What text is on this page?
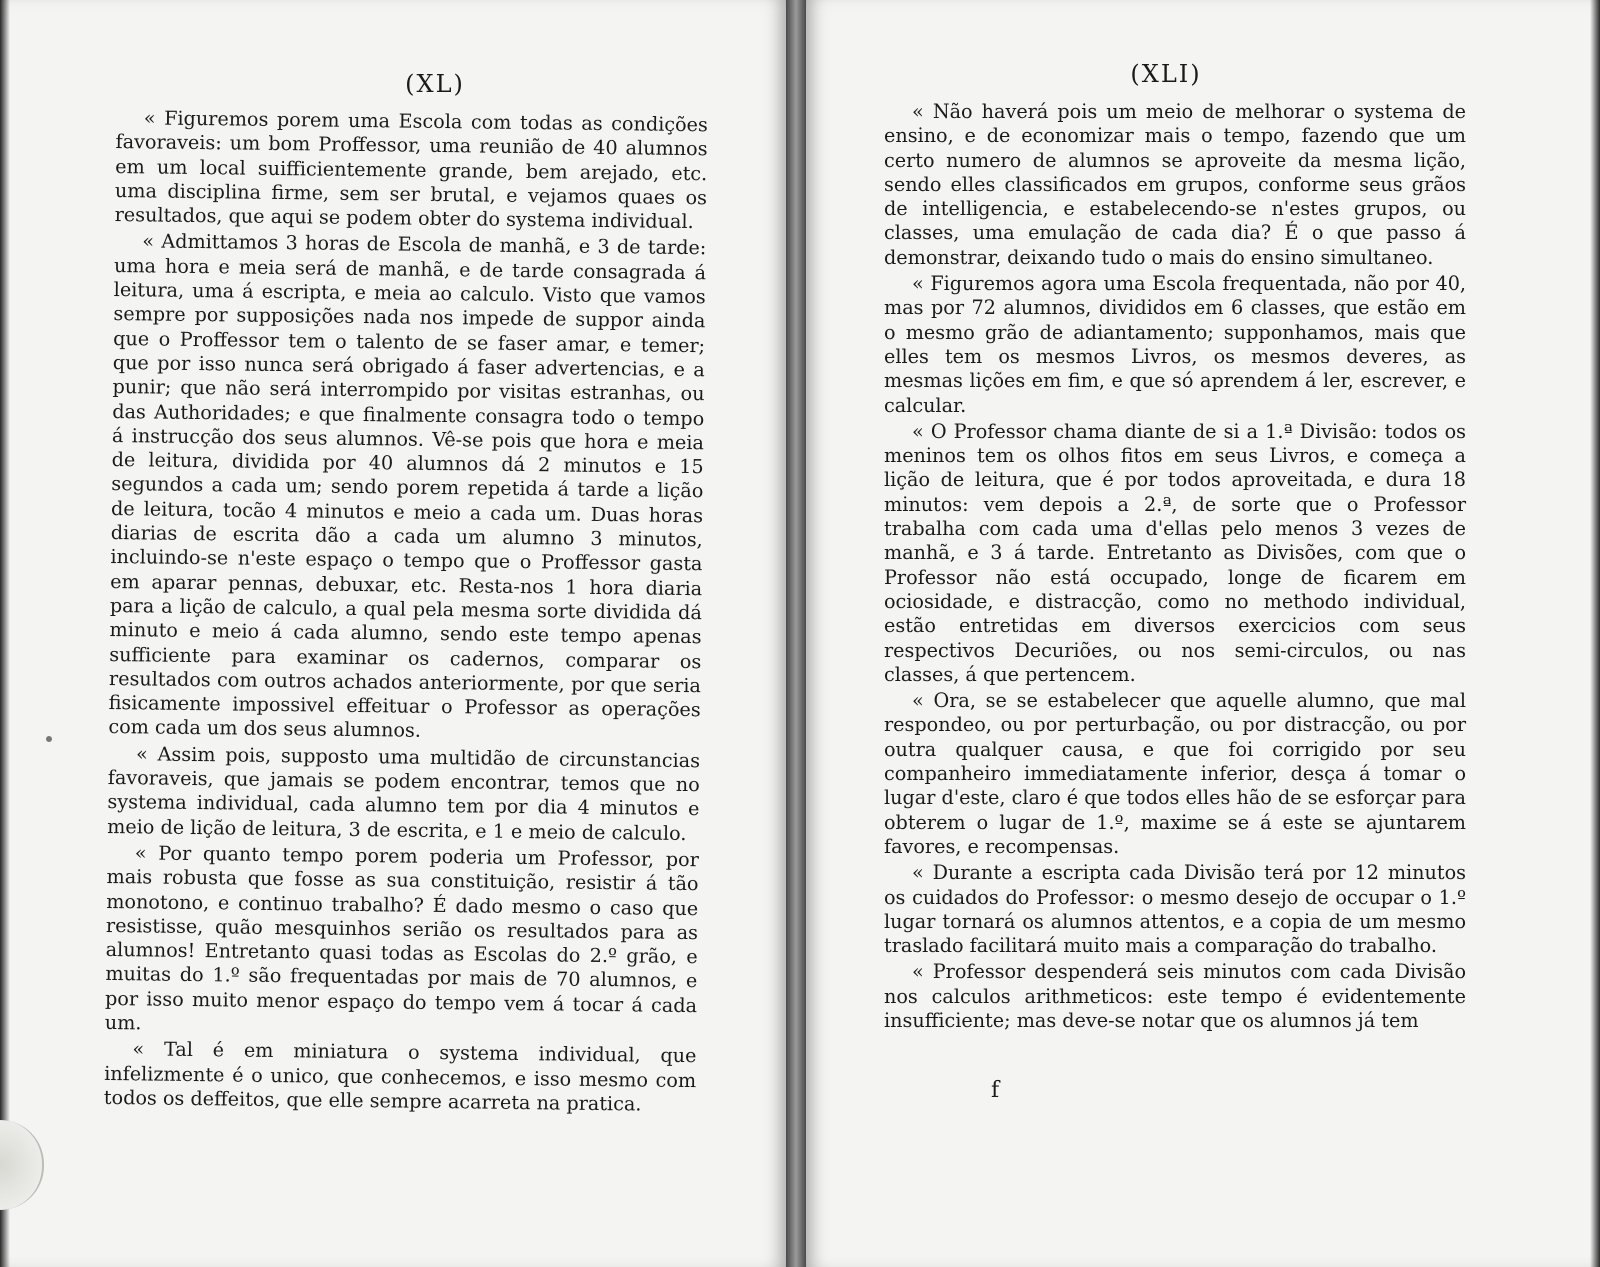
(XL)

« Figuremos porem uma Escola com todas as condições favoraveis: um bom Proffessor, uma reunião de 40 alumnos em um local suifficientemente grande, bem arejado, etc. uma disciplina firme, sem ser brutal, e vejamos quaes os resultados, que aqui se podem obter do systema individual.

« Admittamos 3 horas de Escola de manhã, e 3 de tarde: uma hora e meia será de manhã, e de tarde consagrada á leitura, uma á escripta, e meia ao calculo. Visto que vamos sempre por supposições nada nos impede de suppor ainda que o Proffessor tem o talento de se faser amar, e temer; que por isso nunca será obrigado á faser advertencias, e a punir; que não será interrompido por visitas estranhas, ou das Authoridades; e que finalmente consagra todo o tempo á instrucção dos seus alumnos. Vê-se pois que hora e meia de leitura, dividida por 40 alumnos dá 2 minutos e 15 segundos a cada um; sendo porem repetida á tarde a lição de leitura, tocão 4 minutos e meio a cada um. Duas horas diarias de escrita dão a cada um alumno 3 minutos, incluindo-se n'este espaço o tempo que o Proffessor gasta em aparar pennas, debuxar, etc. Resta-nos 1 hora diaria para a lição de calculo, a qual pela mesma sorte dividida dá minuto e meio á cada alumno, sendo este tempo apenas sufficiente para examinar os cadernos, comparar os resultados com outros achados anteriormente, por que seria fisicamente impossivel effeituar o Professor as operações com cada um dos seus alumnos.

« Assim pois, supposto uma multidão de circunstancias favoraveis, que jamais se podem encontrar, temos que no systema individual, cada alumno tem por dia 4 minutos e meio de lição de leitura, 3 de escrita, e 1 e meio de calculo.

« Por quanto tempo porem poderia um Professor, por mais robusta que fosse as sua constituição, resistir á tão monotono, e continuo trabalho? É dado mesmo o caso que resistisse, quão mesquinhos serião os resultados para as alumnos! Entretanto quasi todas as Escolas do 2.º grão, e muitas do 1.º são frequentadas por mais de 70 alumnos, e por isso muito menor espaço do tempo vem á tocar á cada um.

« Tal é em miniatura o systema individual, que infelizmente é o unico, que conhecemos, e isso mesmo com todos os deffeitos, que elle sempre acarreta na pratica.

(XLI)

« Não haverá pois um meio de melhorar o systema de ensino, e de economizar mais o tempo, fazendo que um certo numero de alumnos se aproveite da mesma lição, sendo elles classificados em grupos, conforme seus grãos de intelligencia, e estabelecendo-se n'estes grupos, ou classes, uma emulação de cada dia? É o que passo á demonstrar, deixando tudo o mais do ensino simultaneo.

« Figuremos agora uma Escola frequentada, não por 40, mas por 72 alumnos, divididos em 6 classes, que estão em o mesmo grão de adiantamento; supponhamos, mais que elles tem os mesmos Livros, os mesmos deveres, as mesmas lições em fim, e que só aprendem á ler, escrever, e calcular.

« O Professor chama diante de si a 1.ª Divisão: todos os meninos tem os olhos fitos em seus Livros, e começa a lição de leitura, que é por todos aproveitada, e dura 18 minutos: vem depois a 2.ª, de sorte que o Professor trabalha com cada uma d'ellas pelo menos 3 vezes de manhã, e 3 á tarde. Entretanto as Divisões, com que o Professor não está occupado, longe de ficarem em ociosidade, e distracção, como no methodo individual, estão entretidas em diversos exercicios com seus respectivos Decuriões, ou nos semi-circulos, ou nas classes, á que pertencem.

« Ora, se se estabelecer que aquelle alumno, que mal respondeo, ou por perturbação, ou por distracção, ou por outra qualquer causa, e que foi corrigido por seu companheiro immediatamente inferior, desça á tomar o lugar d'este, claro é que todos elles hão de se esforçar para obterem o lugar de 1.º, maxime se á este se ajuntarem favores, e recompensas.

« Durante a escripta cada Divisão terá por 12 minutos os cuidados do Professor: o mesmo desejo de occupar o 1.º lugar tornará os alumnos attentos, e a copia de um mesmo traslado facilitará muito mais a comparação do trabalho.

« Professor despenderá seis minutos com cada Divisão nos calculos arithmeticos: este tempo é evidentemente insufficiente; mas deve-se notar que os alumnos já tem

f
